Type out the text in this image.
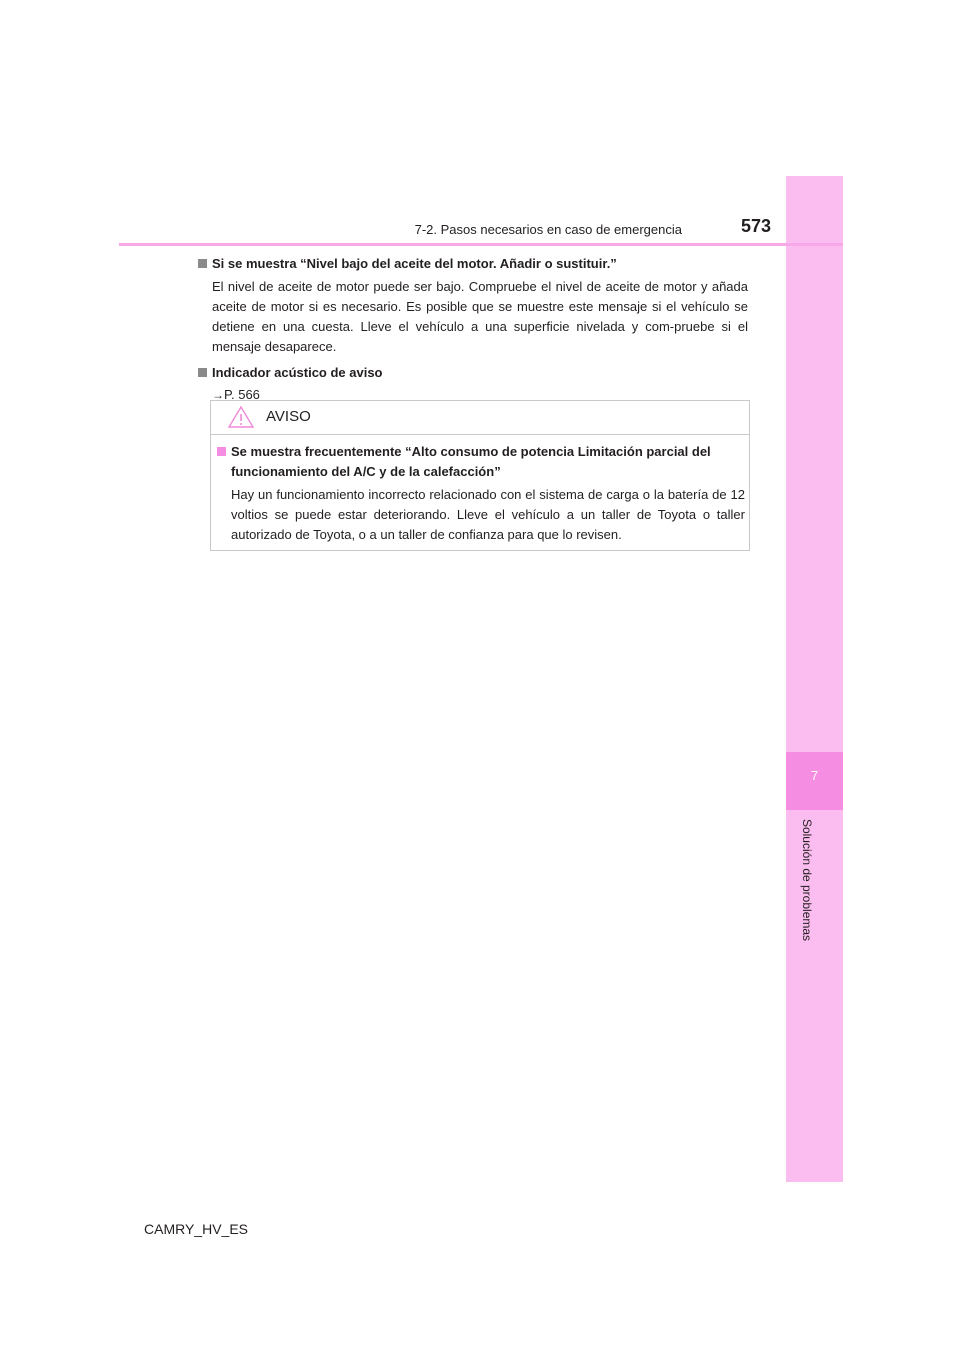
7
Solución de problemas
7-2. Pasos necesarios en caso de emergencia	573
Si se muestra “Nivel bajo del aceite del motor. Añadir o sustituir.”
El nivel de aceite de motor puede ser bajo. Compruebe el nivel de aceite de motor y añada aceite de motor si es necesario. Es posible que se muestre este mensaje si el vehículo se detiene en una cuesta. Lleve el vehículo a una superficie nivelada y com-pruebe si el mensaje desaparece.
Indicador acústico de aviso
→P. 566
AVISO
Se muestra frecuentemente “Alto consumo de potencia Limitación parcial del funcionamiento del A/C y de la calefacción”
Hay un funcionamiento incorrecto relacionado con el sistema de carga o la batería de 12 voltios se puede estar deteriorando. Lleve el vehículo a un taller de Toyota o taller autorizado de Toyota, o a un taller de confianza para que lo revisen.
CAMRY_HV_ES
